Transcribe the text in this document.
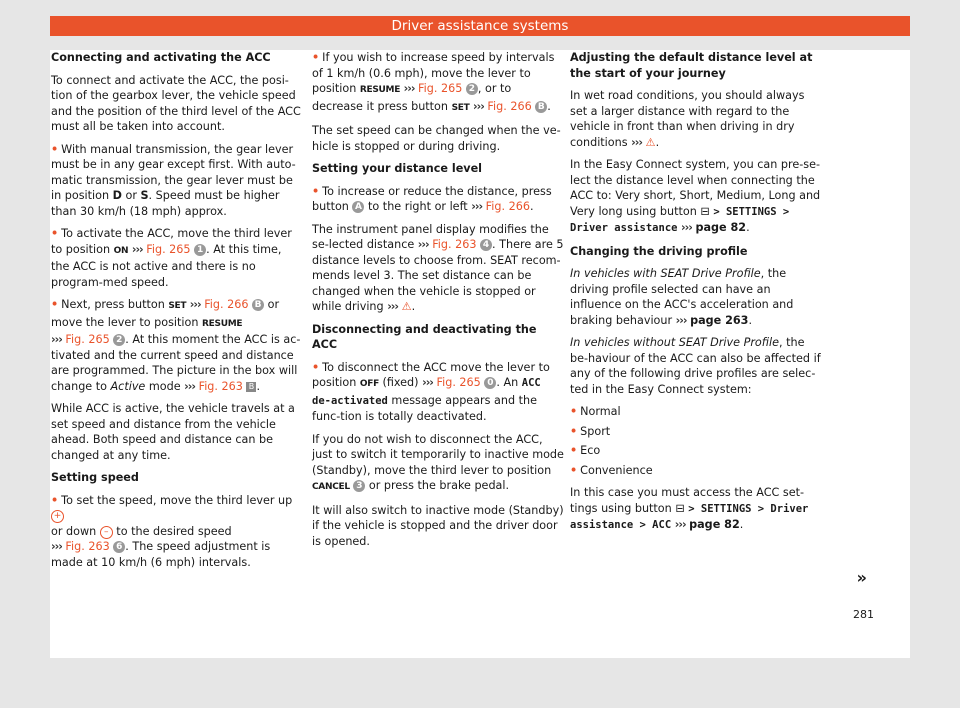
Driver assistance systems

Connecting and activating the ACC

To connect and activate the ACC, the posi-tion of the gearbox lever, the vehicle speed and the position of the third level of the ACC must all be taken into account.

• With manual transmission, the gear lever must be in any gear except first. With auto-matic transmission, the gear lever must be in position D or S. Speed must be higher than 30 km/h (18 mph) approx.

• To activate the ACC, move the third lever to position ON ››› Fig. 265 1 . At this time, the ACC is not active and there is no program-med speed.

• Next, press button SET ››› Fig. 266 B or move the lever to position RESUME
››› Fig. 265 2 . At this moment the ACC is ac-tivated and the current speed and distance are programmed. The picture in the box will change to Active mode ››› Fig. 263 B .

While ACC is active, the vehicle travels at a set speed and distance from the vehicle ahead. Both speed and distance can be changed at any time.

Setting speed

• To set the speed, move the third lever up +
or down – to the desired speed
››› Fig. 263 6 . The speed adjustment is made at 10 km/h (6 mph) intervals.

• If you wish to increase speed by intervals of 1 km/h (0.6 mph), move the lever to position RESUME ››› Fig. 265 2 , or to decrease it press button SET ››› Fig. 266 B .

The set speed can be changed when the ve-hicle is stopped or during driving.

Setting your distance level

• To increase or reduce the distance, press button A to the right or left ››› Fig. 266.

The instrument panel display modifies the se-lected distance ››› Fig. 263 4 . There are 5 distance levels to choose from. SEAT recom-mends level 3. The set distance can be changed when the vehicle is stopped or while driving ››› ⚠.

Disconnecting and deactivating the ACC

• To disconnect the ACC move the lever to position OFF (fixed) ››› Fig. 265 0 . An ACC de-activated message appears and the func-tion is totally deactivated.

If you do not wish to disconnect the ACC, just to switch it temporarily to inactive mode (Standby), move the third lever to position CANCEL 3 or press the brake pedal.

It will also switch to inactive mode (Standby) if the vehicle is stopped and the driver door is opened.

Adjusting the default distance level at the start of your journey

In wet road conditions, you should always set a larger distance with regard to the vehicle in front than when driving in dry conditions ››› ⚠.

In the Easy Connect system, you can pre-se-lect the distance level when connecting the ACC to: Very short, Short, Medium, Long and Very long using button ⊟ > SETTINGS > Driver assistance ››› page 82.

Changing the driving profile

In vehicles with SEAT Drive Profile, the driving profile selected can have an influence on the ACC's acceleration and braking behaviour ››› page 263.

In vehicles without SEAT Drive Profile, the be-haviour of the ACC can also be affected if any of the following drive profiles are selec-ted in the Easy Connect system:

• Normal

• Sport

• Eco

• Convenience

In this case you must access the ACC set-tings using button ⊟ > SETTINGS > Driver assistance > ACC ››› page 82.

»
281
